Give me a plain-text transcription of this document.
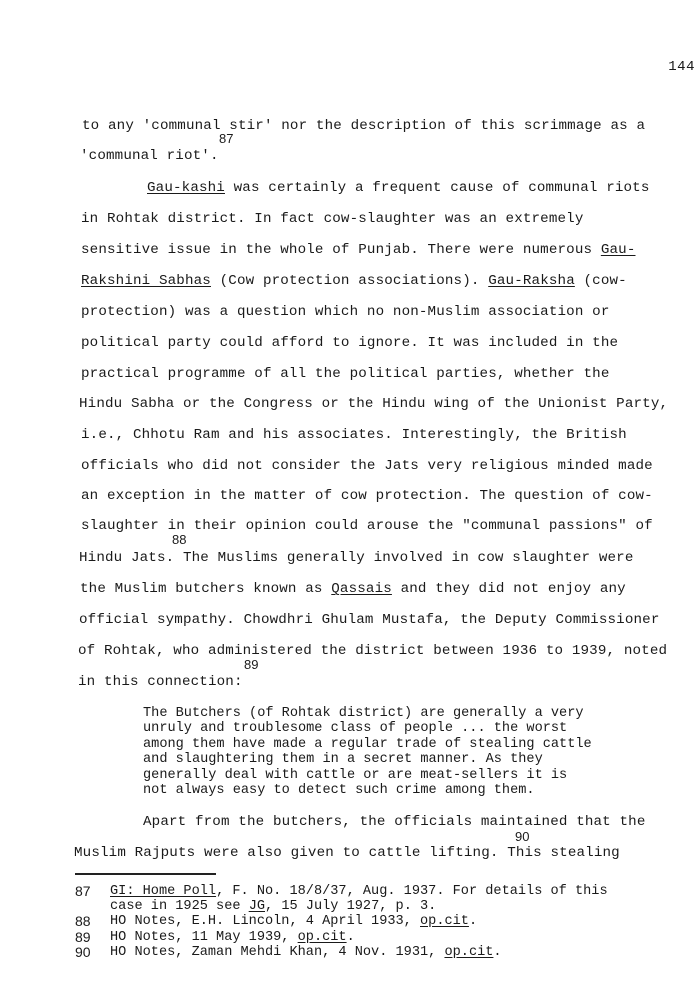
144
to any 'communal stir' nor the description of this scrimmage as a
87
'communal riot'.
Gau-kashi was certainly a frequent cause of communal riots
in Rohtak district. In fact cow-slaughter was an extremely
sensitive issue in the whole of Punjab. There were numerous Gau-
Rakshini Sabhas (Cow protection associations). Gau-Raksha (cow-
protection) was a question which no non-Muslim association or
political party could afford to ignore. It was included in the
practical programme of all the political parties, whether the
Hindu Sabha or the Congress or the Hindu wing of the Unionist Party,
i.e., Chhotu Ram and his associates. Interestingly, the British
officials who did not consider the Jats very religious minded made
an exception in the matter of cow protection. The question of cow-
slaughter in their opinion could arouse the "communal passions" of
88
Hindu Jats. The Muslims generally involved in cow slaughter were
the Muslim butchers known as Qassais and they did not enjoy any
official sympathy. Chowdhri Ghulam Mustafa, the Deputy Commissioner
of Rohtak, who administered the district between 1936 to 1939, noted
89
in this connection:
The Butchers (of Rohtak district) are generally a very
unruly and troublesome class of people ... the worst
among them have made a regular trade of stealing cattle
and slaughtering them in a secret manner. As they
generally deal with cattle or are meat-sellers it is
not always easy to detect such crime among them.
Apart from the butchers, the officials maintained that the
90
Muslim Rajputs were also given to cattle lifting. This stealing
87 GI: Home Poll, F. No. 18/8/37, Aug. 1937. For details of this
case in 1925 see JG, 15 July 1927, p. 3.
88 HO Notes, E.H. Lincoln, 4 April 1933, op.cit.
89 HO Notes, 11 May 1939, op.cit.
90 HO Notes, Zaman Mehdi Khan, 4 Nov. 1931, op.cit.
